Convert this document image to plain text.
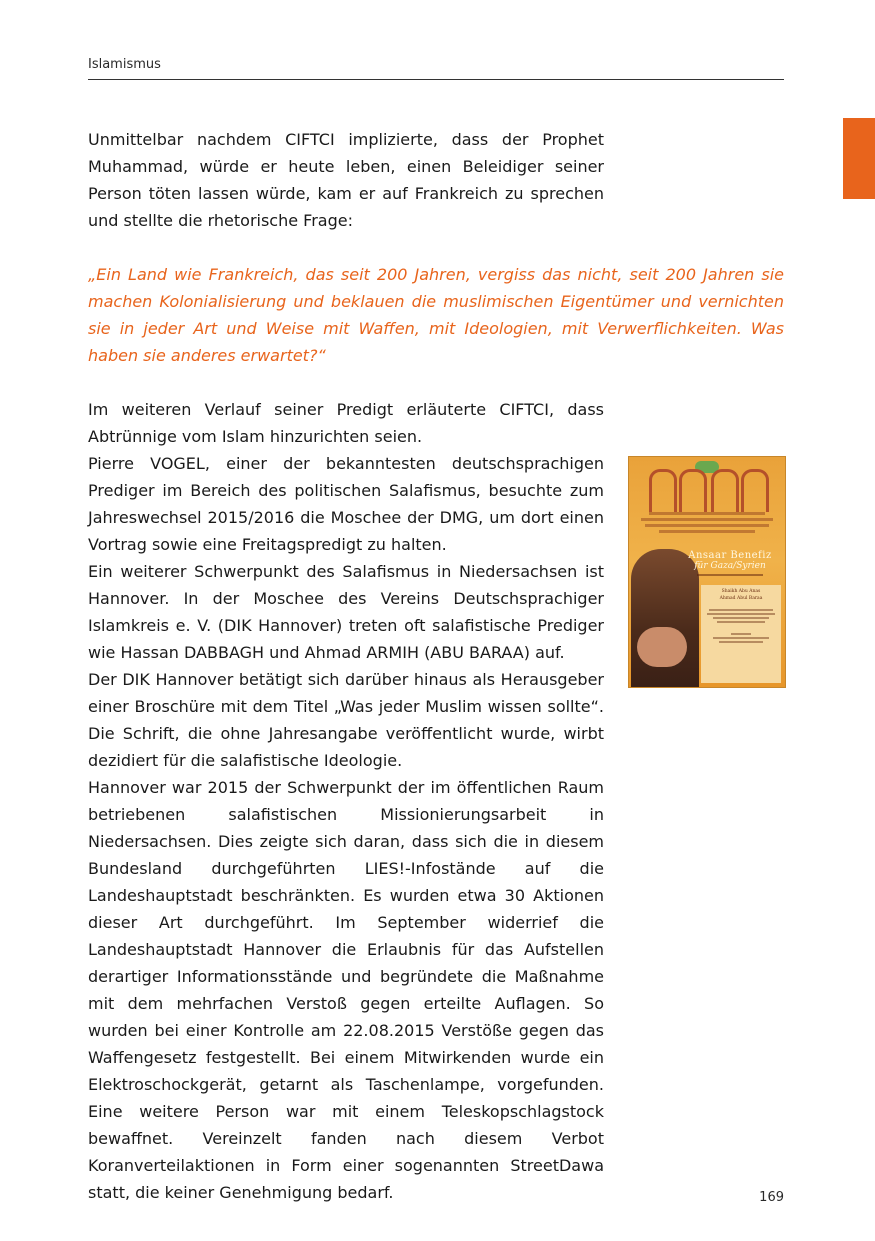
Islamismus
Unmittelbar nachdem CIFTCI implizierte, dass der Prophet Muhammad, würde er heute leben, einen Beleidiger seiner Person töten lassen würde, kam er auf Frankreich zu sprechen und stellte die rhetorische Frage:
„Ein Land wie Frankreich, das seit 200 Jahren, vergiss das nicht, seit 200 Jahren sie machen Kolonialisierung und beklauen die muslimischen Eigentümer und vernichten sie in jeder Art und Weise mit Waffen, mit Ideologien, mit Verwerflichkeiten. Was haben sie anderes erwartet?“

Im weiteren Verlauf seiner Predigt erläuterte CIFTCI, dass Abtrünnige vom Islam hinzurichten seien.

Pierre VOGEL, einer der bekanntesten deutschsprachigen Prediger im Bereich des politischen Salafismus, besuchte zum Jahreswechsel 2015/2016 die Moschee der DMG, um dort einen Vortrag sowie eine Freitagspredigt zu halten.

Ein weiterer Schwerpunkt des Salafismus in Niedersachsen ist Hannover. In der Moschee des Vereins Deutschsprachiger Islamkreis e. V. (DIK Hannover) treten oft salafistische Prediger wie Hassan DABBAGH und Ahmad ARMIH (ABU BARAA) auf.

Der DIK Hannover betätigt sich darüber hinaus als Herausgeber einer Broschüre mit dem Titel „Was jeder Muslim wissen sollte“. Die Schrift, die ohne Jahresangabe veröffentlicht wurde, wirbt dezidiert für die salafistische Ideologie.

Hannover war 2015 der Schwerpunkt der im öffentlichen Raum betriebenen salafistischen Missionierungsarbeit in Niedersachsen. Dies zeigte sich daran, dass sich die in diesem Bundesland durchgeführten LIES!-Infostände auf die Landeshauptstadt beschränkten. Es wurden etwa 30 Aktionen dieser Art durchgeführt. Im September widerrief die Landeshauptstadt Hannover die Erlaubnis für das Aufstellen derartiger Informationsstände und begründete die Maßnahme mit dem mehrfachen Verstoß gegen erteilte Auflagen. So wurden bei einer Kontrolle am 22.08.2015 Verstöße gegen das Waffengesetz festgestellt. Bei einem Mitwirkenden wurde ein Elektroschockgerät, getarnt als Taschenlampe, vorgefunden. Eine weitere Person war mit einem Teleskopschlagstock bewaffnet. Vereinzelt fanden nach diesem Verbot Koranverteilaktionen in Form einer sogenannten StreetDawa statt, die keiner Genehmigung bedarf.

Ansaar Benefiz
für Gaza/Syrien
Shaikh Abu Anas
Ahmad Abul Baraa
169
